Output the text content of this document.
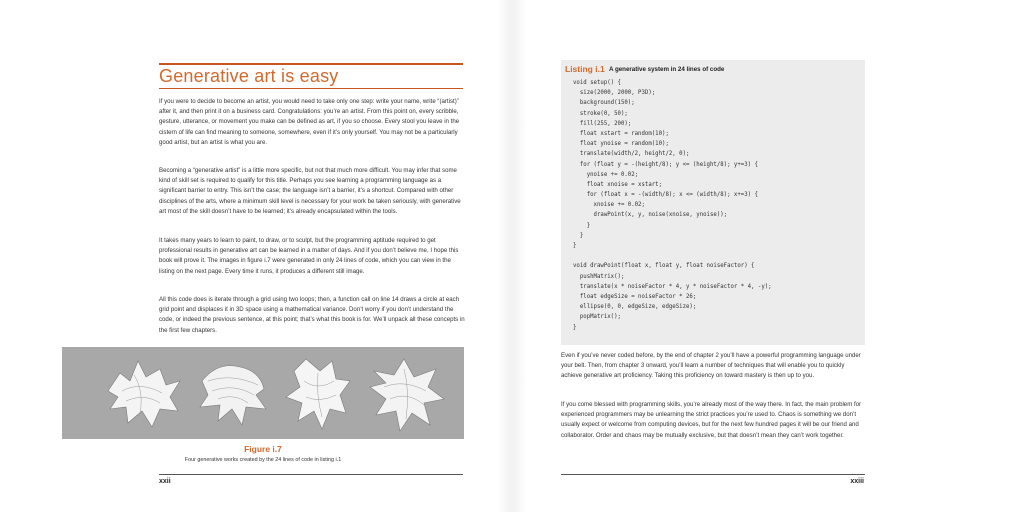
Generative art is easy

If you were to decide to become an artist, you would need to take only one step: write your name, write “(artist)” after it, and then print it on a business card. Congratulations: you’re an artist. From this point on, every scribble, gesture, utterance, or movement you make can be defined as art, if you so choose. Every stool you leave in the cistern of life can find meaning to someone, somewhere, even if it’s only yourself. You may not be a particularly good artist, but an artist is what you are.

Becoming a “generative artist” is a little more specific, but not that much more difficult. You may infer that some kind of skill set is required to qualify for this title. Perhaps you see learning a programming language as a significant barrier to entry. This isn’t the case; the language isn’t a barrier, it’s a shortcut. Compared with other disciplines of the arts, where a minimum skill level is necessary for your work be taken seriously, with generative art most of the skill doesn’t have to be learned; it’s already encapsulated within the tools.

It takes many years to learn to paint, to draw, or to sculpt, but the programming aptitude required to get professional results in generative art can be learned in a matter of days. And if you don’t believe me, I hope this book will prove it. The images in figure i.7 were generated in only 24 lines of code, which you can view in the listing on the next page. Every time it runs, it produces a different still image.

All this code does is iterate through a grid using two loops; then, a function call on line 14 draws a circle at each grid point and displaces it in 3D space using a mathematical variance. Don’t worry if you don’t understand the code, or indeed the previous sentence, at this point; that’s what this book is for. We’ll unpack all these concepts in the first few chapters.

Figure i.7
Four generative works created by the 24 lines of code in listing i.1
xxii
Listing i.1 A generative system in 24 lines of code
void setup() {
size(2000, 2000, P3D);
background(150);
stroke(0, 50);
fill(255, 200);
float xstart = random(10);
float ynoise = random(10);
translate(width/2, height/2, 0);
for (float y = -(height/8); y <= (height/8); y+=3) {
ynoise += 0.02;
float xnoise = xstart;
for (float x = -(width/8); x <= (width/8); x+=3) {
xnoise += 0.02;
drawPoint(x, y, noise(xnoise, ynoise));
}
}
}
void drawPoint(float x, float y, float noiseFactor) {
pushMatrix();
translate(x * noiseFactor * 4, y * noiseFactor * 4, -y);
float edgeSize = noiseFactor * 26;
ellipse(0, 0, edgeSize, edgeSize);
popMatrix();
}

Even if you’ve never coded before, by the end of chapter 2 you’ll have a powerful programming language under your belt. Then, from chapter 3 onward, you’ll learn a number of techniques that will enable you to quickly achieve generative art proficiency. Taking this proficiency on toward mastery is then up to you.

If you come blessed with programming skills, you’re already most of the way there. In fact, the main problem for experienced programmers may be unlearning the strict practices you’re used to. Chaos is something we don’t usually expect or welcome from computing devices, but for the next few hundred pages it will be our friend and collaborator. Order and chaos may be mutually exclusive, but that doesn’t mean they can’t work together.

xxiii
